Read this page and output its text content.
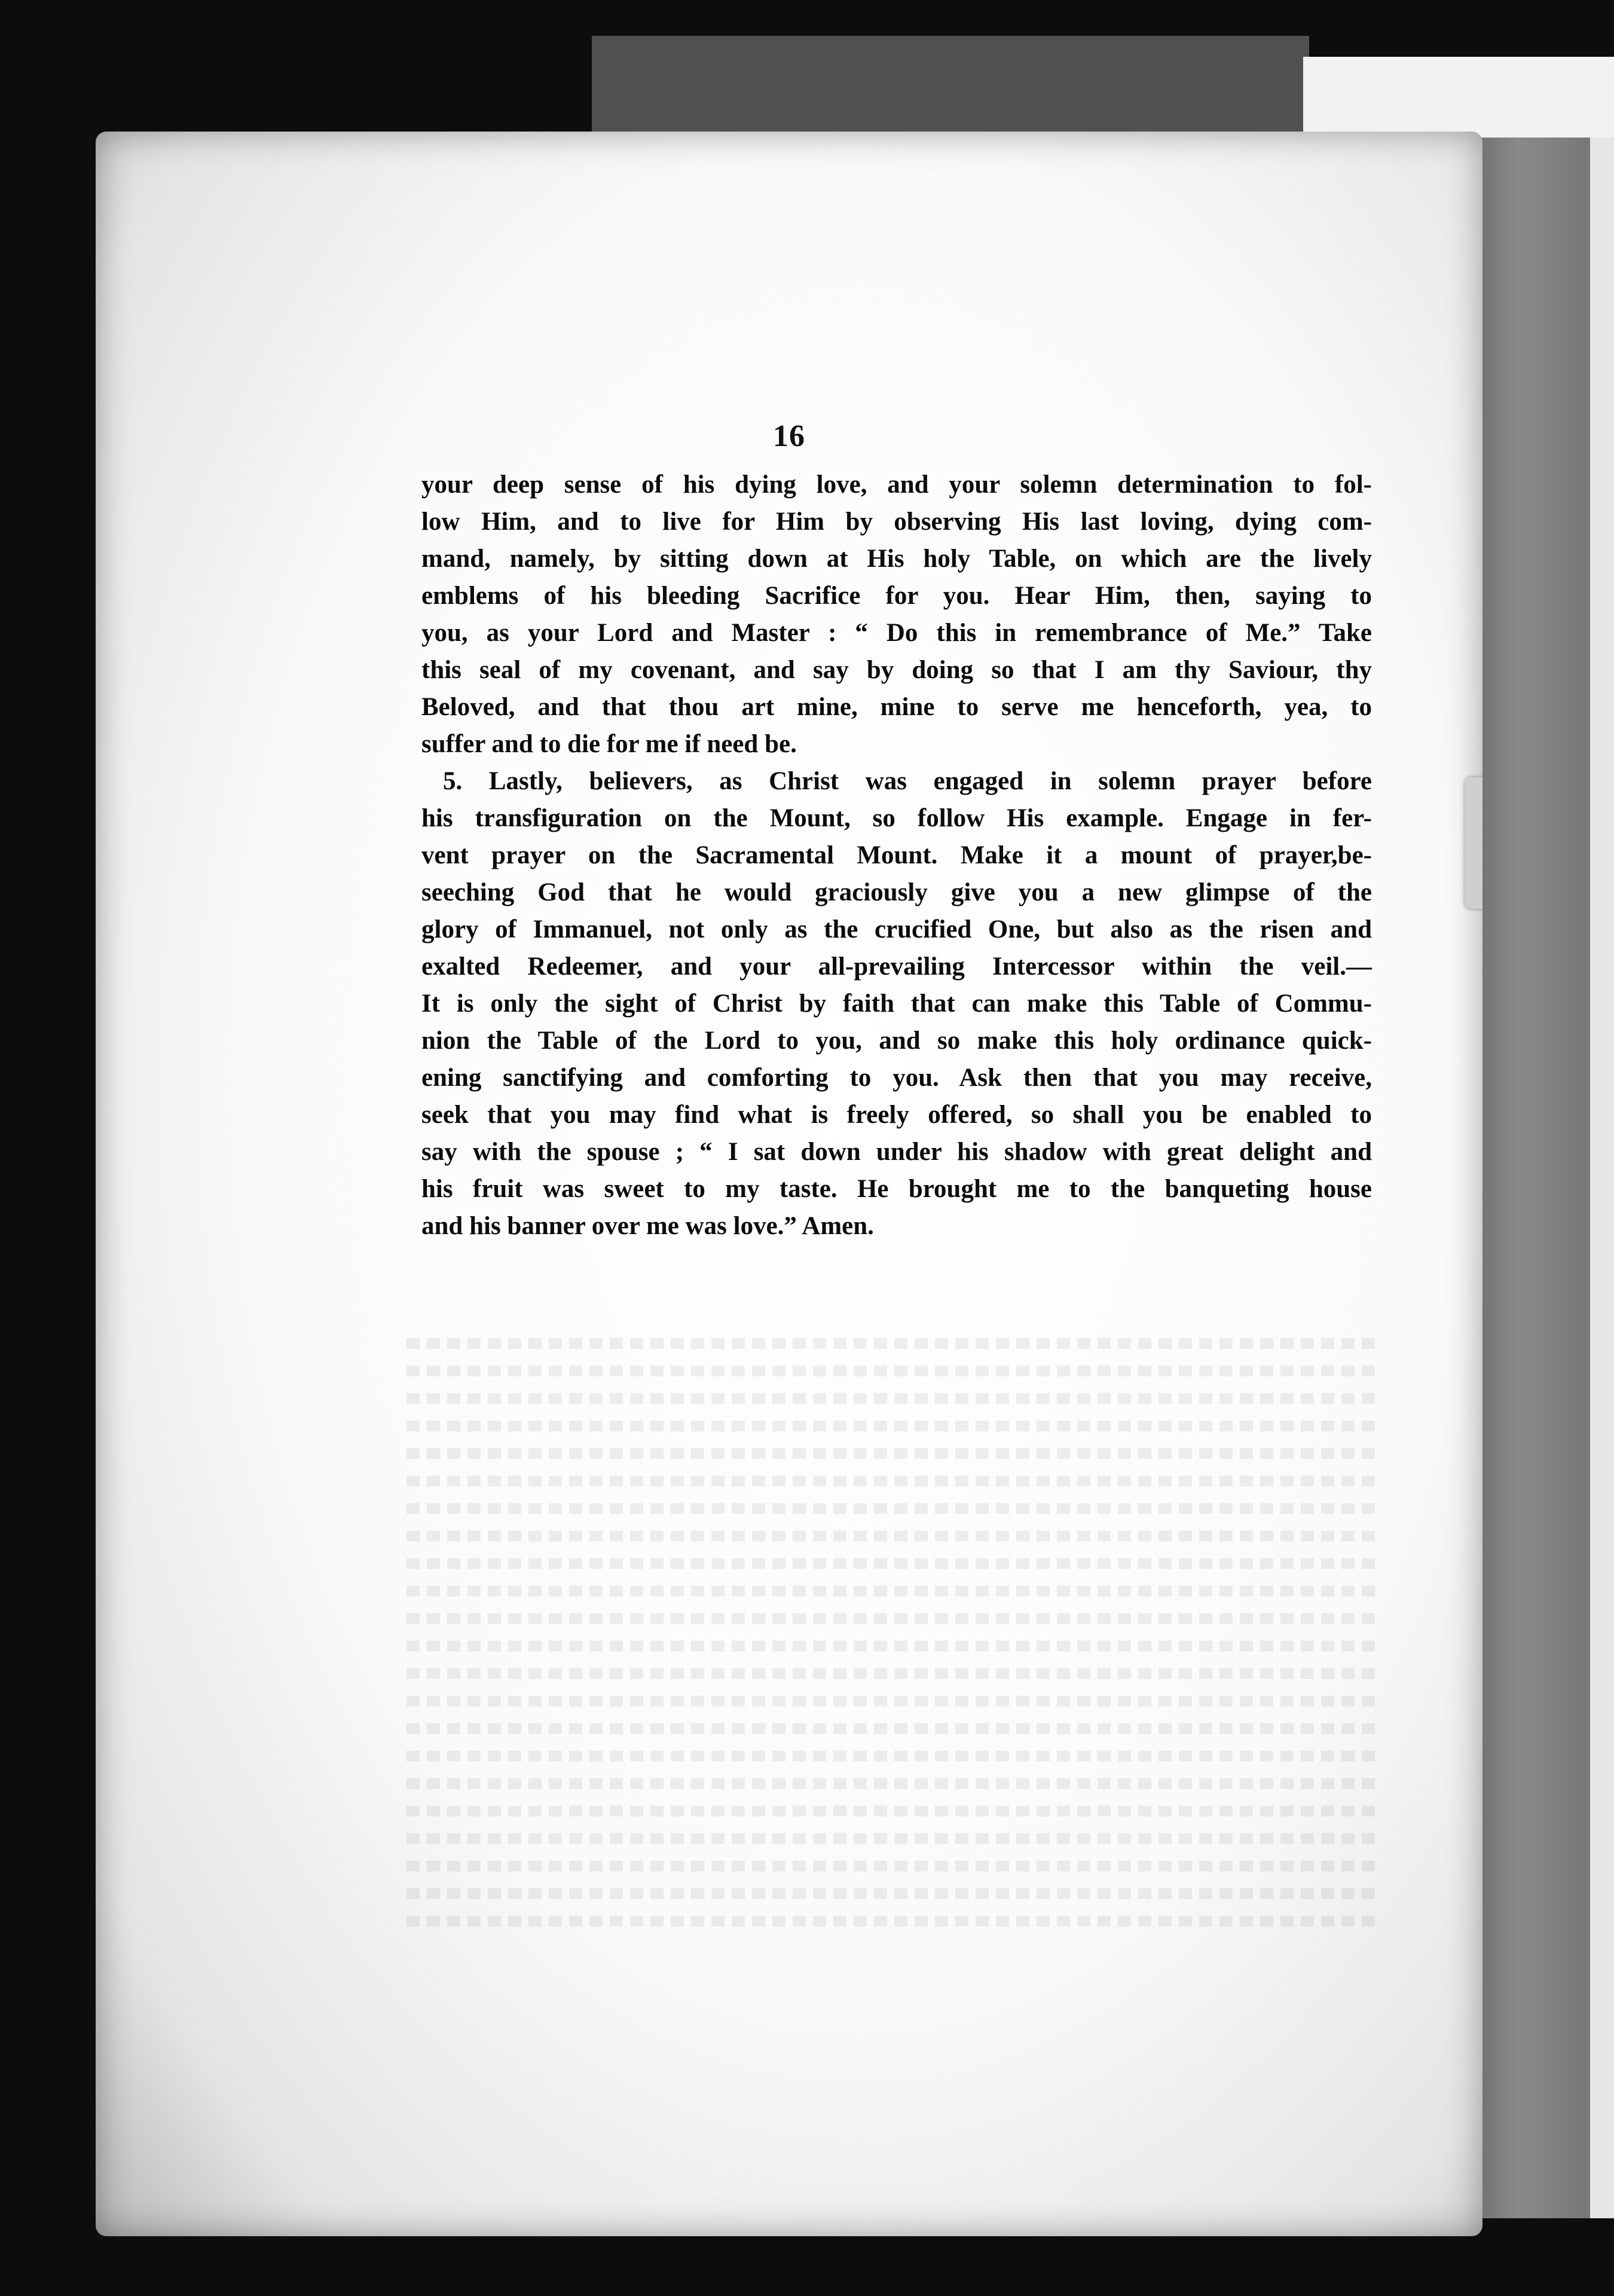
16
your deep sense of his dying love, and your solemn determination to fol-
low Him, and to live for Him by observing His last loving, dying com-
mand, namely, by sitting down at His holy Table, on which are the lively
emblems of his bleeding Sacrifice for you. Hear Him, then, saying to
you, as your Lord and Master : “ Do this in remembrance of Me.” Take
this seal of my covenant, and say by doing so that I am thy Saviour, thy
Beloved, and that thou art mine, mine to serve me henceforth, yea, to
suffer and to die for me if need be.
5. Lastly, believers, as Christ was engaged in solemn prayer before
his transfiguration on the Mount, so follow His example. Engage in fer-
vent prayer on the Sacramental Mount. Make it a mount of prayer,be-
seeching God that he would graciously give you a new glimpse of the
glory of Immanuel, not only as the crucified One, but also as the risen and
exalted Redeemer, and your all-prevailing Intercessor within the veil.—
It is only the sight of Christ by faith that can make this Table of Commu-
nion the Table of the Lord to you, and so make this holy ordinance quick-
ening sanctifying and comforting to you. Ask then that you may receive,
seek that you may find what is freely offered, so shall you be enabled to
say with the spouse ; “ I sat down under his shadow with great delight and
his fruit was sweet to my taste. He brought me to the banqueting house
and his banner over me was love.” Amen.
